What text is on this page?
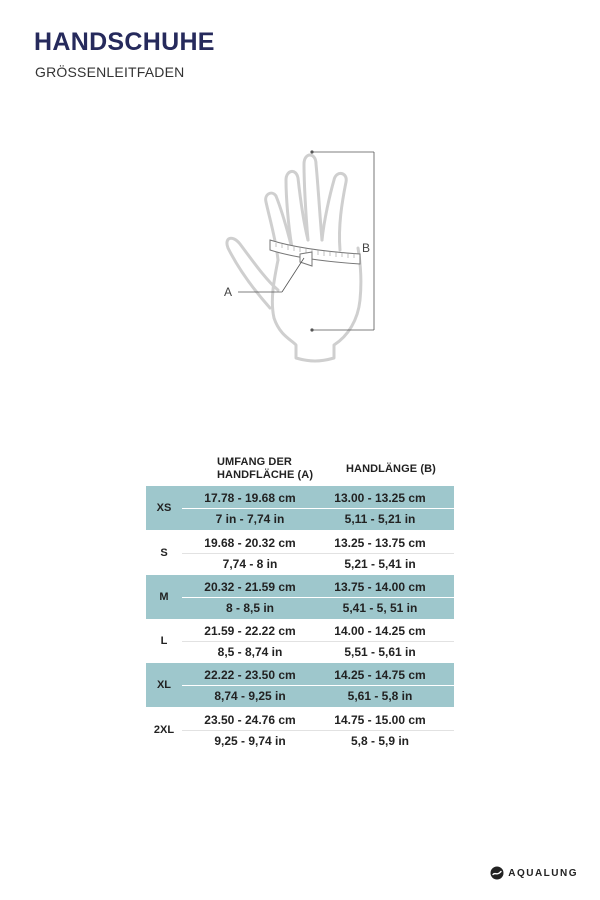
HANDSCHUHE
GRÖSSENLEITFADEN
A
B
UMFANG DER
HANDFLÄCHE (A)	HANDLÄNGE (B)
XS
17.78 - 19.68 cm
7 in - 7,74 in
13.00 - 13.25 cm
5,11 - 5,21 in
S
19.68 - 20.32 cm
7,74 - 8 in
13.25 - 13.75 cm
5,21 - 5,41 in
M
20.32 - 21.59 cm
8 - 8,5 in
13.75 - 14.00 cm
5,41 - 5, 51 in
L
21.59 - 22.22 cm
8,5 - 8,74 in
14.00 - 14.25 cm
5,51 - 5,61 in
XL
22.22 - 23.50 cm
8,74 - 9,25 in
14.25 - 14.75 cm
5,61 - 5,8 in
2XL
23.50 - 24.76 cm
9,25 - 9,74 in
14.75 - 15.00 cm
5,8 - 5,9 in
AQUALUNG
